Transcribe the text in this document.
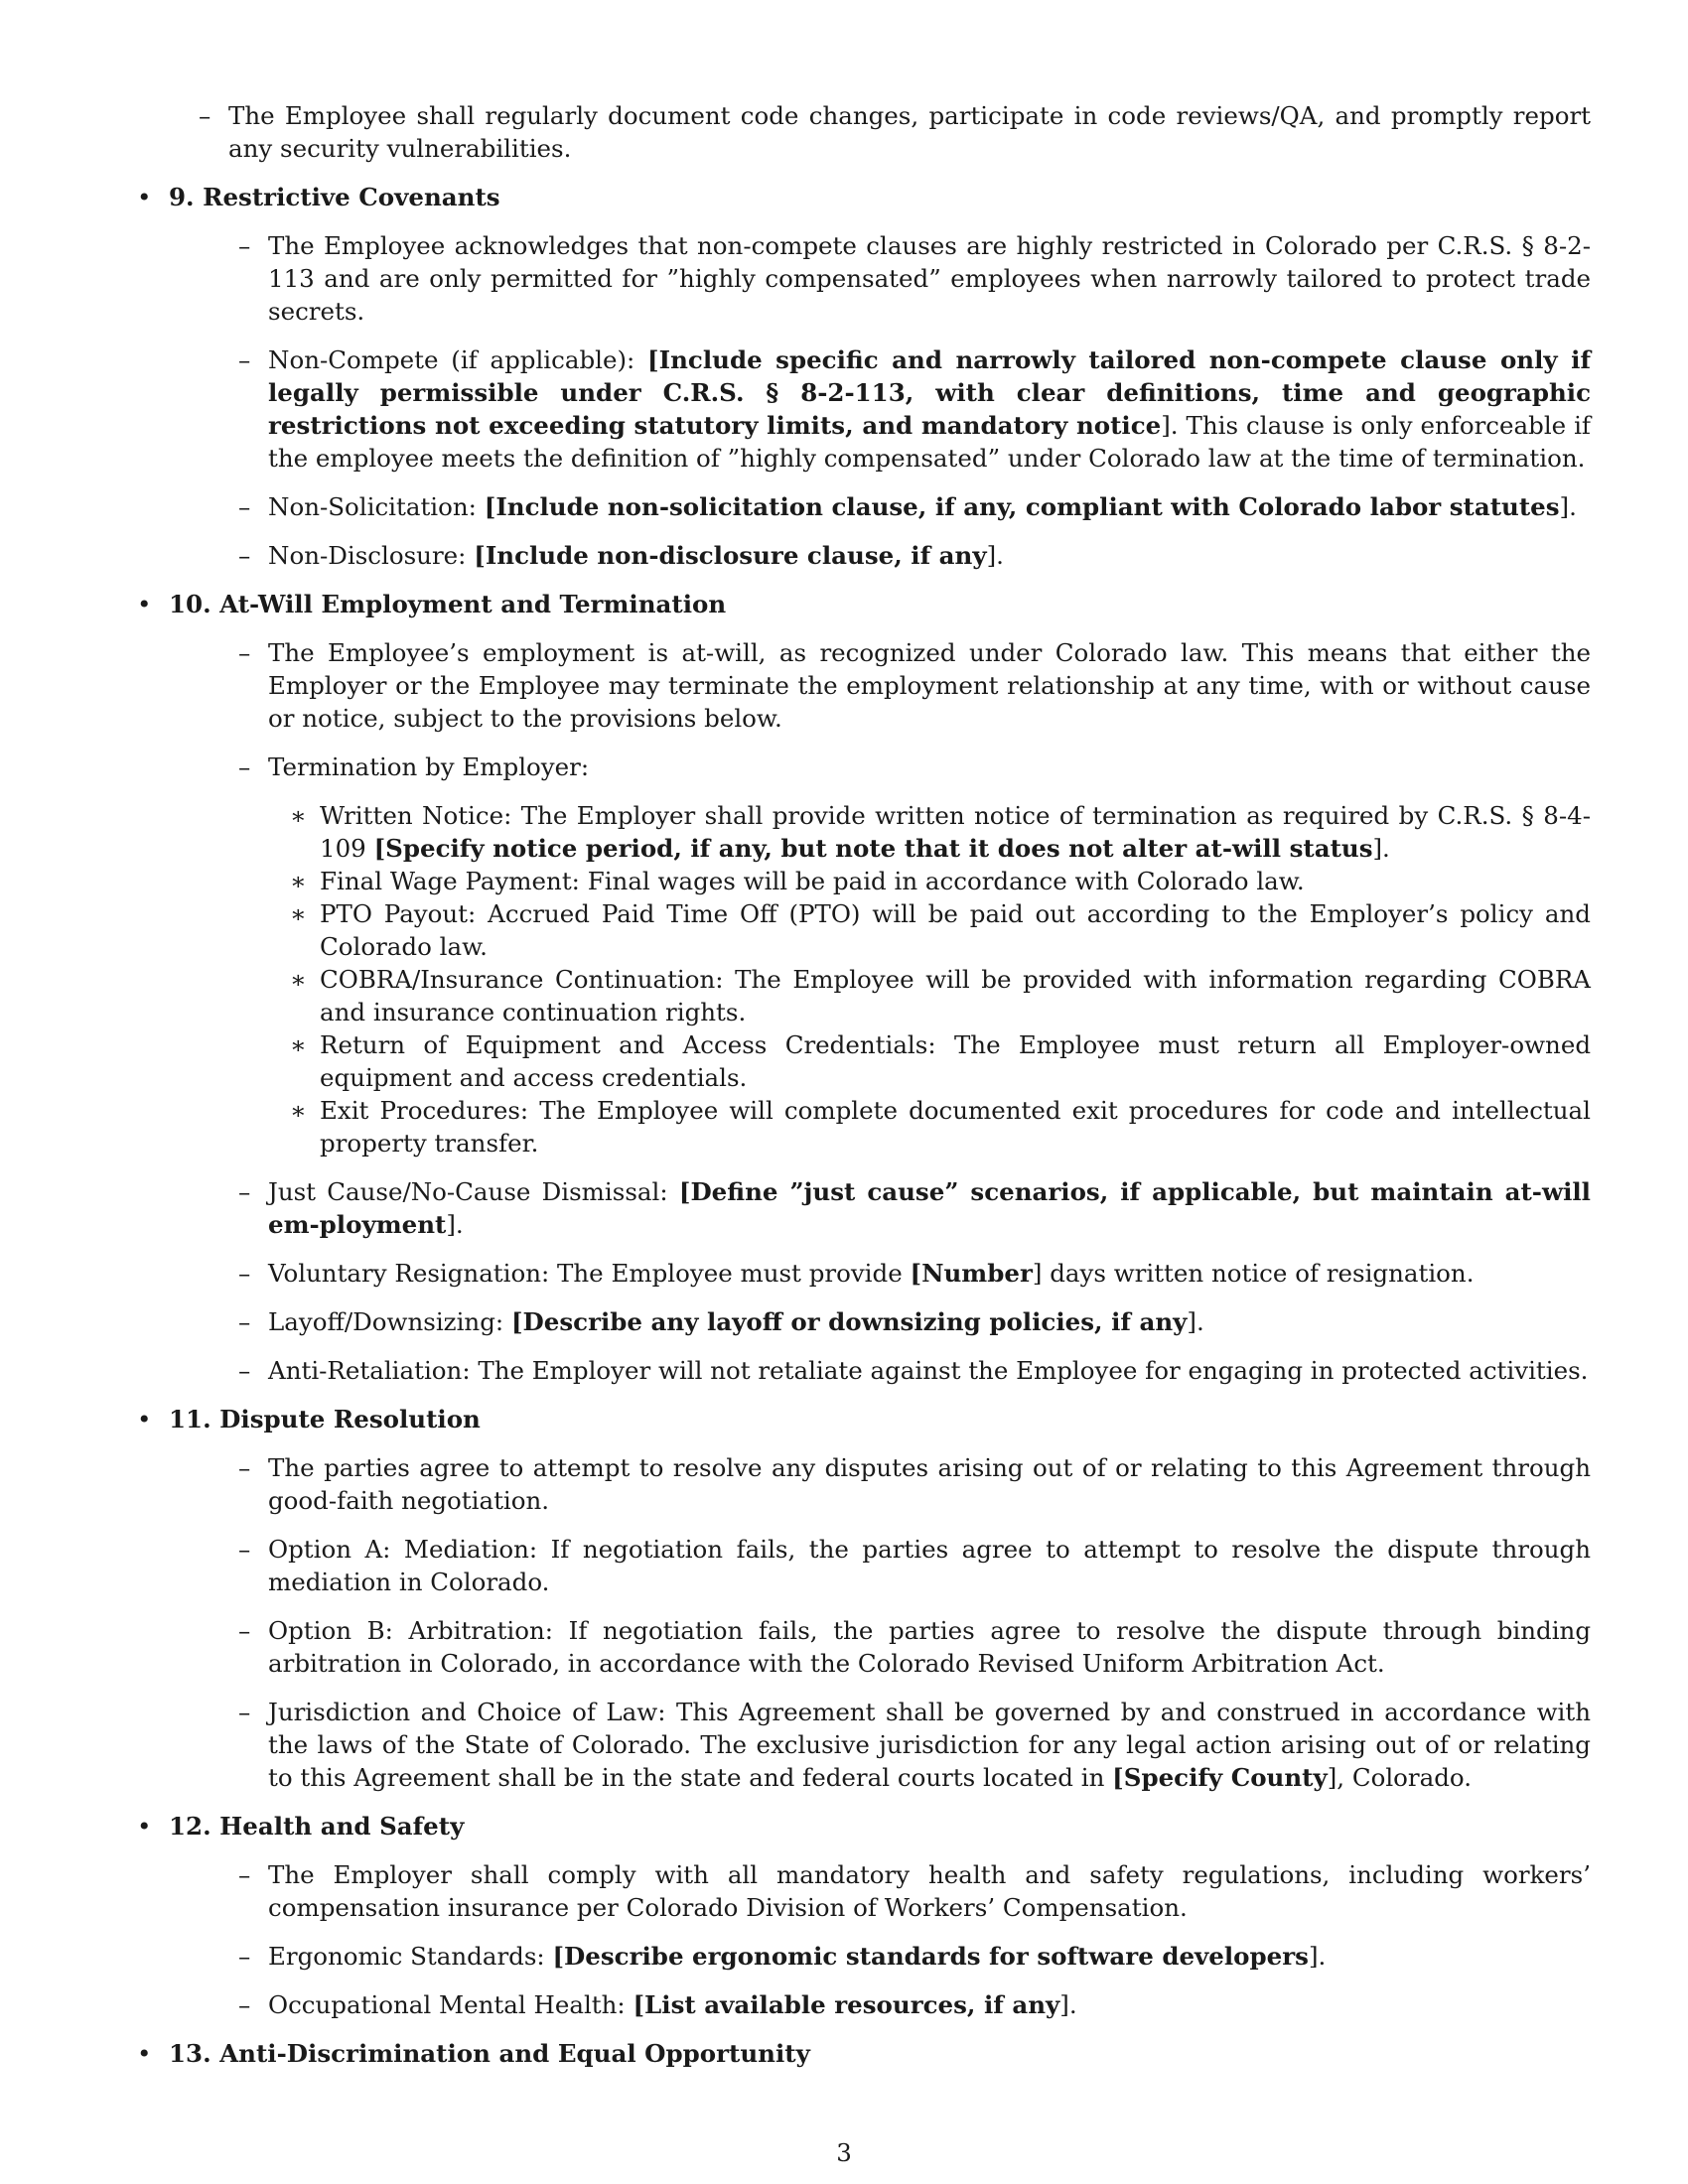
– The Employee shall regularly document code changes, participate in code reviews/QA, and promptly report any security vulnerabilities.
• 9. Restrictive Covenants

– The Employee acknowledges that non-compete clauses are highly restricted in Colorado per C.R.S. § 8-2-113 and are only permitted for ”highly compensated” employees when narrowly tailored to protect trade secrets.
– Non-Compete (if applicable): [Include specific and narrowly tailored non-compete clause only if legally permissible under C.R.S. § 8-2-113, with clear definitions, time and geographic restrictions not exceeding statutory limits, and mandatory notice]. This clause is only enforceable if the employee meets the definition of ”highly compensated” under Colorado law at the time of termination.
– Non-Solicitation: [Include non-solicitation clause, if any, compliant with Colorado labor statutes].
– Non-Disclosure: [Include non-disclosure clause, if any].
• 10. At-Will Employment and Termination

– The Employee’s employment is at-will, as recognized under Colorado law. This means that either the Employer or the Employee may terminate the employment relationship at any time, with or without cause or notice, subject to the provisions below.
– Termination by Employer:
∗ Written Notice: The Employer shall provide written notice of termination as required by C.R.S. § 8-4-109 [Specify notice period, if any, but note that it does not alter at-will status].
∗ Final Wage Payment: Final wages will be paid in accordance with Colorado law.
∗ PTO Payout: Accrued Paid Time Off (PTO) will be paid out according to the Employer’s policy and Colorado law.
∗ COBRA/Insurance Continuation: The Employee will be provided with information regarding COBRA and insurance continuation rights.
∗ Return of Equipment and Access Credentials: The Employee must return all Employer-owned equipment and access credentials.
∗ Exit Procedures: The Employee will complete documented exit procedures for code and intellectual property transfer.
– Just Cause/No-Cause Dismissal: [Define ”just cause” scenarios, if applicable, but maintain at-will em-ployment].
– Voluntary Resignation: The Employee must provide [Number] days written notice of resignation.
– Layoff/Downsizing: [Describe any layoff or downsizing policies, if any].
– Anti-Retaliation: The Employer will not retaliate against the Employee for engaging in protected activities.
• 11. Dispute Resolution

– The parties agree to attempt to resolve any disputes arising out of or relating to this Agreement through good-faith negotiation.
– Option A: Mediation: If negotiation fails, the parties agree to attempt to resolve the dispute through mediation in Colorado.
– Option B: Arbitration: If negotiation fails, the parties agree to resolve the dispute through binding arbitration in Colorado, in accordance with the Colorado Revised Uniform Arbitration Act.
– Jurisdiction and Choice of Law: This Agreement shall be governed by and construed in accordance with the laws of the State of Colorado. The exclusive jurisdiction for any legal action arising out of or relating to this Agreement shall be in the state and federal courts located in [Specify County], Colorado.
• 12. Health and Safety

– The Employer shall comply with all mandatory health and safety regulations, including workers’ compensation insurance per Colorado Division of Workers’ Compensation.
– Ergonomic Standards: [Describe ergonomic standards for software developers].
– Occupational Mental Health: [List available resources, if any].
• 13. Anti-Discrimination and Equal Opportunity

3
